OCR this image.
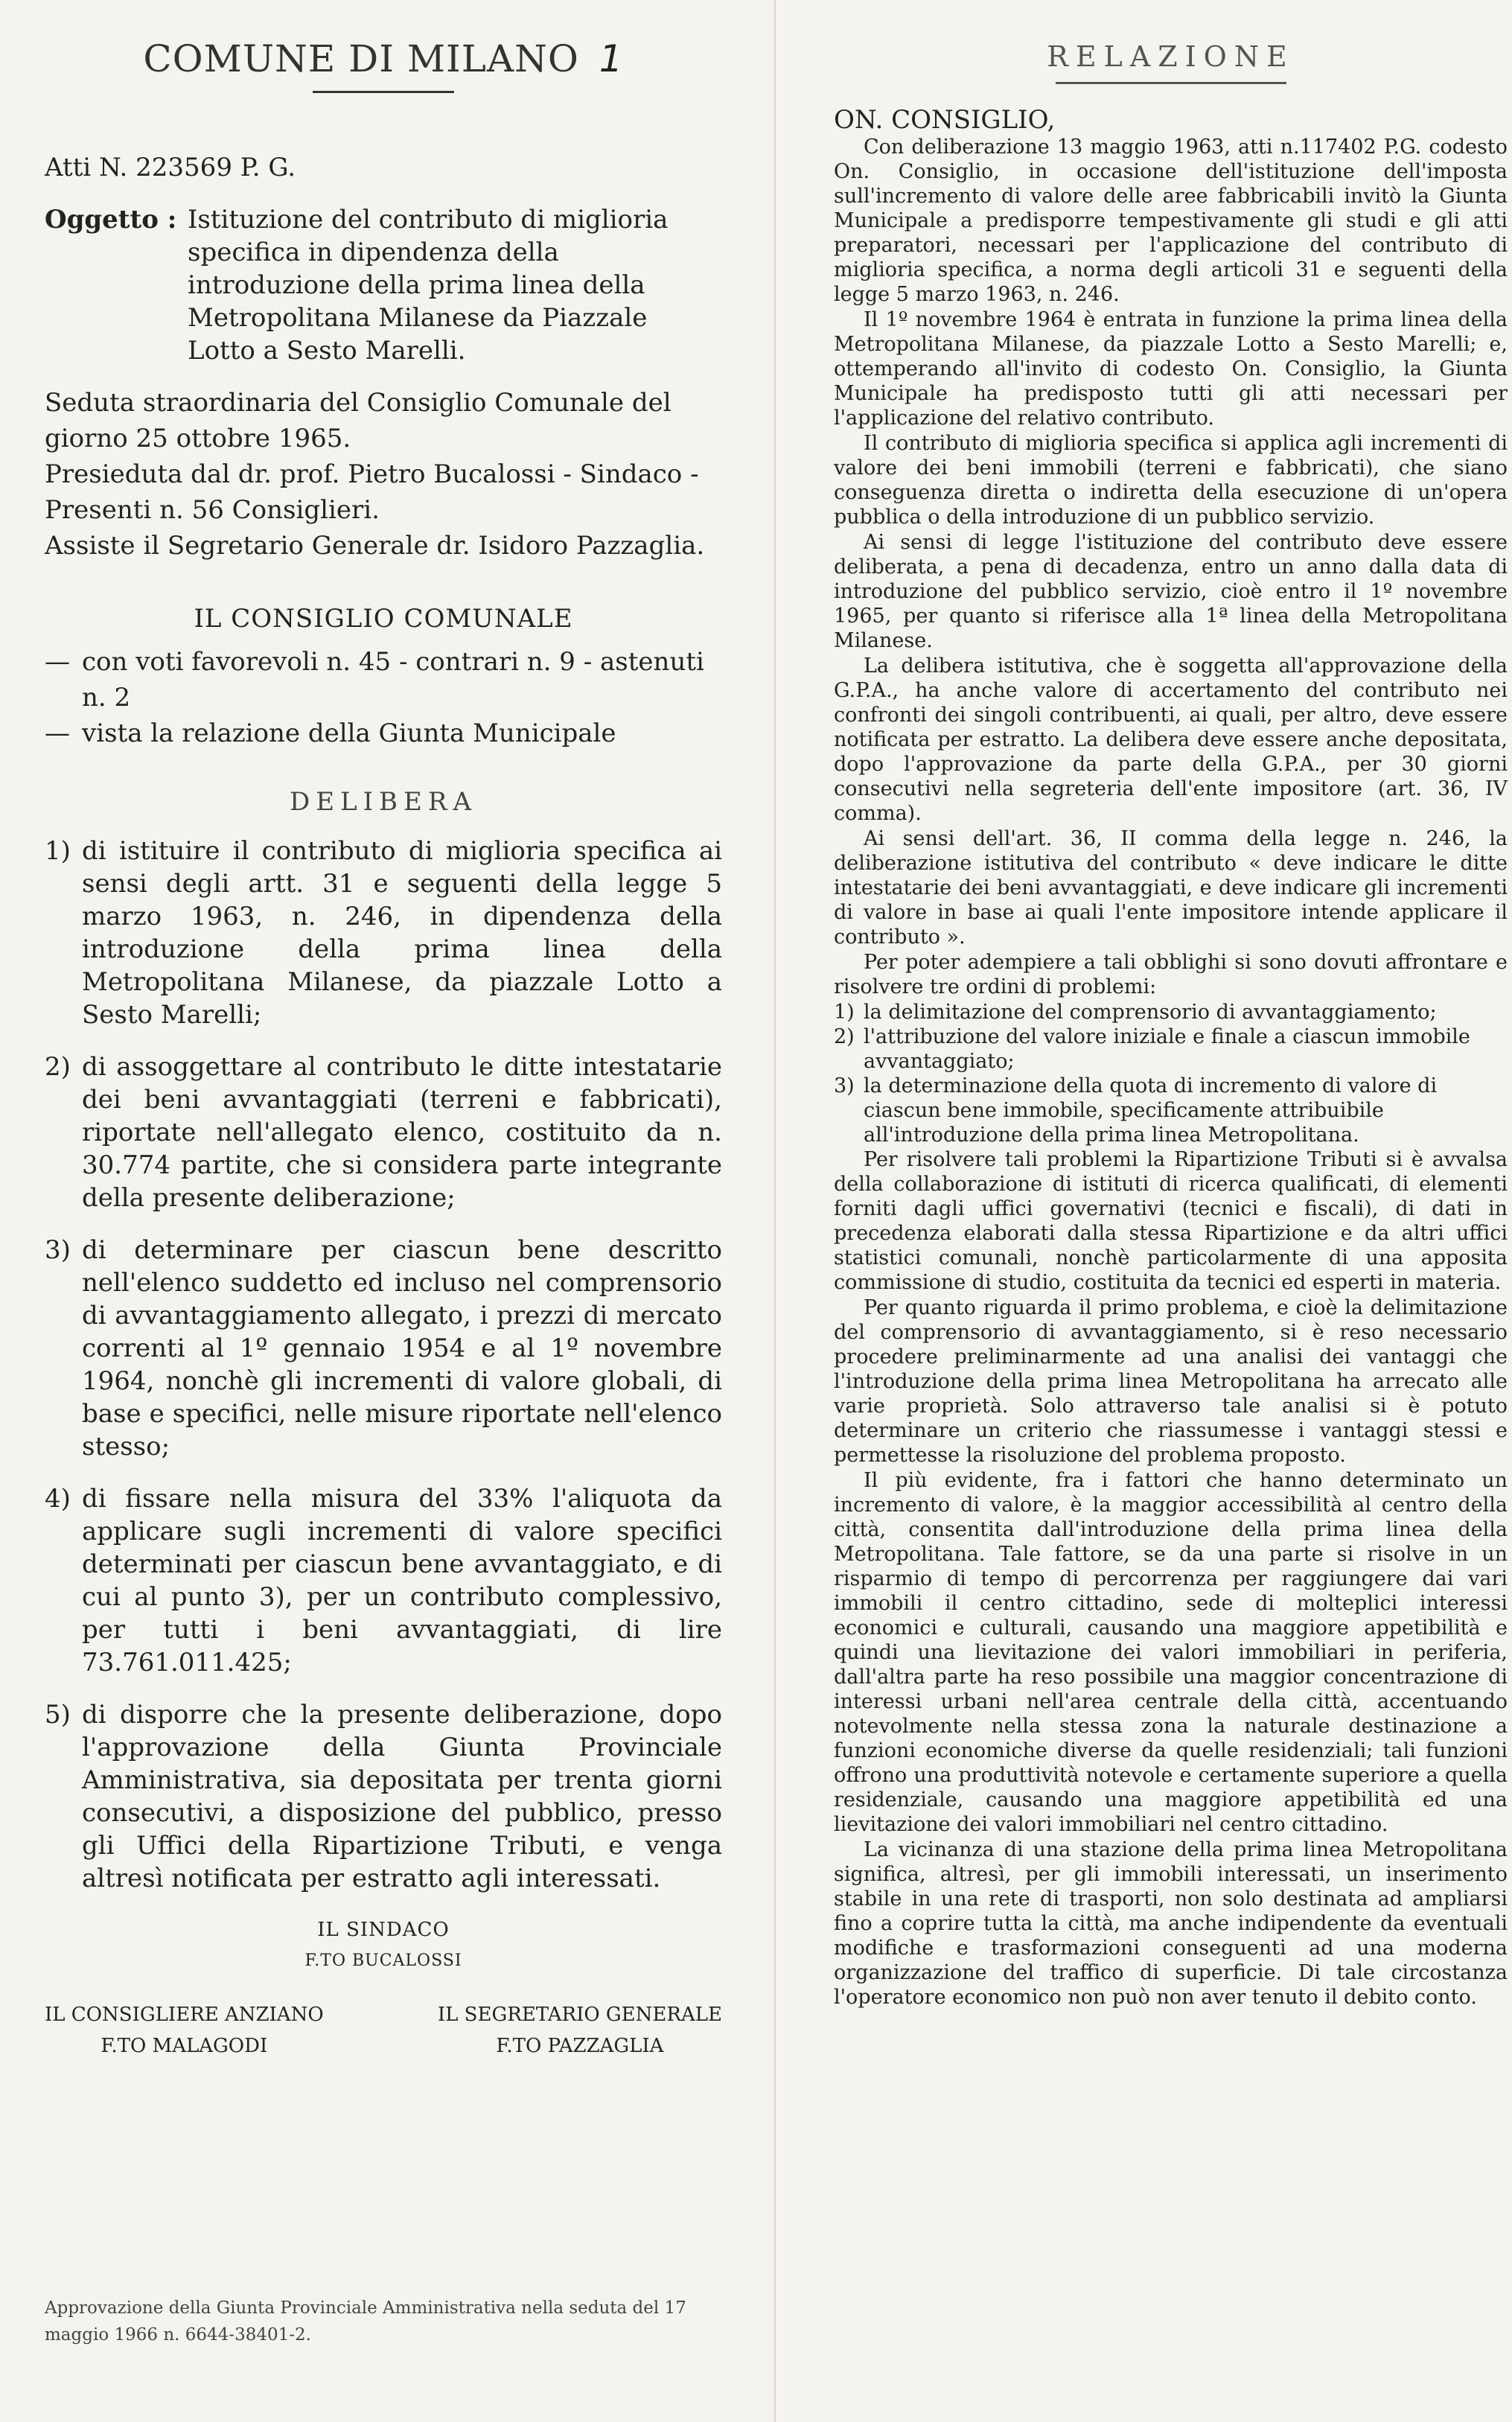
COMUNE DI MILANO 1
Atti N. 223569 P. G.
Oggetto : Istituzione del contributo di miglioria specifica in dipendenza della introduzione della prima linea della Metropolitana Milanese da Piazzale Lotto a Sesto Marelli.

Seduta straordinaria del Consiglio Comunale del giorno 25 ottobre 1965.

Presieduta dal dr. prof. Pietro Bucalossi - Sindaco -

Presenti n. 56 Consiglieri.

Assiste il Segretario Generale dr. Isidoro Pazzaglia.

IL CONSIGLIO COMUNALE
— con voti favorevoli n. 45 - contrari n. 9 - astenuti n. 2
— vista la relazione della Giunta Municipale
DELIBERA
1) di istituire il contributo di miglioria specifica ai sensi degli artt. 31 e seguenti della legge 5 marzo 1963, n. 246, in dipendenza della introduzione della prima linea della Metropolitana Milanese, da piazzale Lotto a Sesto Marelli;
2) di assoggettare al contributo le ditte intestatarie dei beni avvantaggiati (terreni e fabbricati), riportate nell'allegato elenco, costituito da n. 30.774 partite, che si considera parte integrante della presente deliberazione;
3) di determinare per ciascun bene descritto nell'elenco suddetto ed incluso nel comprensorio di avvantaggiamento allegato, i prezzi di mercato correnti al 1º gennaio 1954 e al 1º novembre 1964, nonchè gli incrementi di valore globali, di base e specifici, nelle misure riportate nell'elenco stesso;
4) di fissare nella misura del 33% l'aliquota da applicare sugli incrementi di valore specifici determinati per ciascun bene avvantaggiato, e di cui al punto 3), per un contributo complessivo, per tutti i beni avvantaggiati, di lire 73.761.011.425;
5) di disporre che la presente deliberazione, dopo l'approvazione della Giunta Provinciale Amministrativa, sia depositata per trenta giorni consecutivi, a disposizione del pubblico, presso gli Uffici della Ripartizione Tributi, e venga altresì notificata per estratto agli interessati.
IL SINDACO
F.TO BUCALOSSI
IL CONSIGLIERE ANZIANO
F.TO MALAGODI
IL SEGRETARIO GENERALE
F.TO PAZZAGLIA
Approvazione della Giunta Provinciale Amministrativa nella seduta del 17 maggio 1966 n. 6644-38401-2.
RELAZIONE
ON. CONSIGLIO,

Con deliberazione 13 maggio 1963, atti n.117402 P.G. codesto On. Consiglio, in occasione dell'istituzione dell'imposta sull'incremento di valore delle aree fabbricabili invitò la Giunta Municipale a predisporre tempestivamente gli studi e gli atti preparatori, necessari per l'applicazione del contributo di miglioria specifica, a norma degli articoli 31 e seguenti della legge 5 marzo 1963, n. 246.

Il 1º novembre 1964 è entrata in funzione la prima linea della Metropolitana Milanese, da piazzale Lotto a Sesto Marelli; e, ottemperando all'invito di codesto On. Consiglio, la Giunta Municipale ha predisposto tutti gli atti necessari per l'applicazione del relativo contributo.

Il contributo di miglioria specifica si applica agli incrementi di valore dei beni immobili (terreni e fabbricati), che siano conseguenza diretta o indiretta della esecuzione di un'opera pubblica o della introduzione di un pubblico servizio.

Ai sensi di legge l'istituzione del contributo deve essere deliberata, a pena di decadenza, entro un anno dalla data di introduzione del pubblico servizio, cioè entro il 1º novembre 1965, per quanto si riferisce alla 1ª linea della Metropolitana Milanese.

La delibera istitutiva, che è soggetta all'approvazione della G.P.A., ha anche valore di accertamento del contributo nei confronti dei singoli contribuenti, ai quali, per altro, deve essere notificata per estratto. La delibera deve essere anche depositata, dopo l'approvazione da parte della G.P.A., per 30 giorni consecutivi nella segreteria dell'ente impositore (art. 36, IV comma).

Ai sensi dell'art. 36, II comma della legge n. 246, la deliberazione istitutiva del contributo « deve indicare le ditte intestatarie dei beni avvantaggiati, e deve indicare gli incrementi di valore in base ai quali l'ente impositore intende applicare il contributo ».

Per poter adempiere a tali obblighi si sono dovuti affrontare e risolvere tre ordini di problemi:

1) la delimitazione del comprensorio di avvantaggiamento;
2) l'attribuzione del valore iniziale e finale a ciascun immobile avvantaggiato;
3) la determinazione della quota di incremento di valore di ciascun bene immobile, specificamente attribuibile all'introduzione della prima linea Metropolitana.

Per risolvere tali problemi la Ripartizione Tributi si è avvalsa della collaborazione di istituti di ricerca qualificati, di elementi forniti dagli uffici governativi (tecnici e fiscali), di dati in precedenza elaborati dalla stessa Ripartizione e da altri uffici statistici comunali, nonchè particolarmente di una apposita commissione di studio, costituita da tecnici ed esperti in materia.

Per quanto riguarda il primo problema, e cioè la delimitazione del comprensorio di avvantaggiamento, si è reso necessario procedere preliminarmente ad una analisi dei vantaggi che l'introduzione della prima linea Metropolitana ha arrecato alle varie proprietà. Solo attraverso tale analisi si è potuto determinare un criterio che riassumesse i vantaggi stessi e permettesse la risoluzione del problema proposto.

Il più evidente, fra i fattori che hanno determinato un incremento di valore, è la maggior accessibilità al centro della città, consentita dall'introduzione della prima linea della Metropolitana. Tale fattore, se da una parte si risolve in un risparmio di tempo di percorrenza per raggiungere dai vari immobili il centro cittadino, sede di molteplici interessi economici e culturali, causando una maggiore appetibilità e quindi una lievitazione dei valori immobiliari in periferia, dall'altra parte ha reso possibile una maggior concentrazione di interessi urbani nell'area centrale della città, accentuando notevolmente nella stessa zona la naturale destinazione a funzioni economiche diverse da quelle residenziali; tali funzioni offrono una produttività notevole e certamente superiore a quella residenziale, causando una maggiore appetibilità ed una lievitazione dei valori immobiliari nel centro cittadino.

La vicinanza di una stazione della prima linea Metropolitana significa, altresì, per gli immobili interessati, un inserimento stabile in una rete di trasporti, non solo destinata ad ampliarsi fino a coprire tutta la città, ma anche indipendente da eventuali modifiche e trasformazioni conseguenti ad una moderna organizzazione del traffico di superficie. Di tale circostanza l'operatore economico non può non aver tenuto il debito conto.
